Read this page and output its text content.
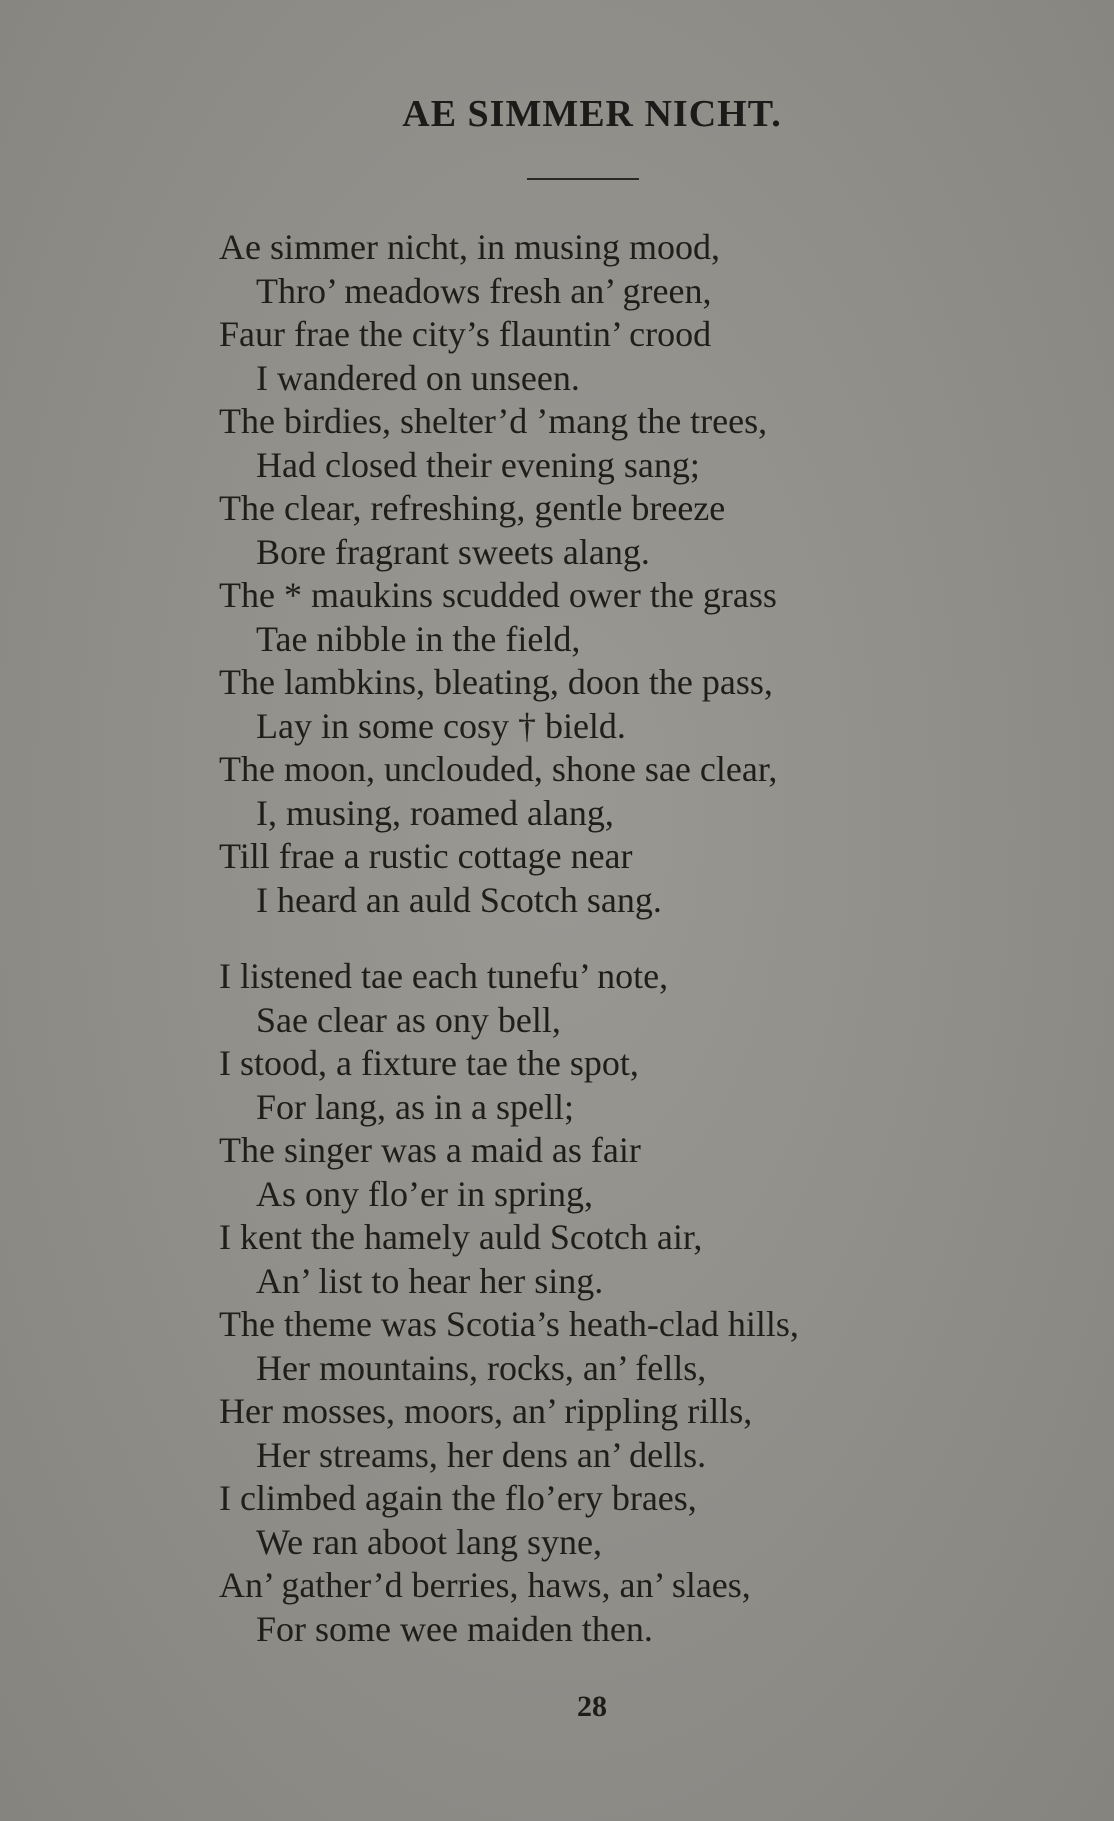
AE SIMMER NICHT.
Ae simmer nicht, in musing mood,
Thro’ meadows fresh an’ green,
Faur frae the city’s flauntin’ crood
I wandered on unseen.
The birdies, shelter’d ’mang the trees,
Had closed their evening sang;
The clear, refreshing, gentle breeze
Bore fragrant sweets alang.
The * maukins scudded ower the grass
Tae nibble in the field,
The lambkins, bleating, doon the pass,
Lay in some cosy † bield.
The moon, unclouded, shone sae clear,
I, musing, roamed alang,
Till frae a rustic cottage near
I heard an auld Scotch sang.
I listened tae each tunefu’ note,
Sae clear as ony bell,
I stood, a fixture tae the spot,
For lang, as in a spell;
The singer was a maid as fair
As ony flo’er in spring,
I kent the hamely auld Scotch air,
An’ list to hear her sing.
The theme was Scotia’s heath-clad hills,
Her mountains, rocks, an’ fells,
Her mosses, moors, an’ rippling rills,
Her streams, her dens an’ dells.
I climbed again the flo’ery braes,
We ran aboot lang syne,
An’ gather’d berries, haws, an’ slaes,
For some wee maiden then.
28
